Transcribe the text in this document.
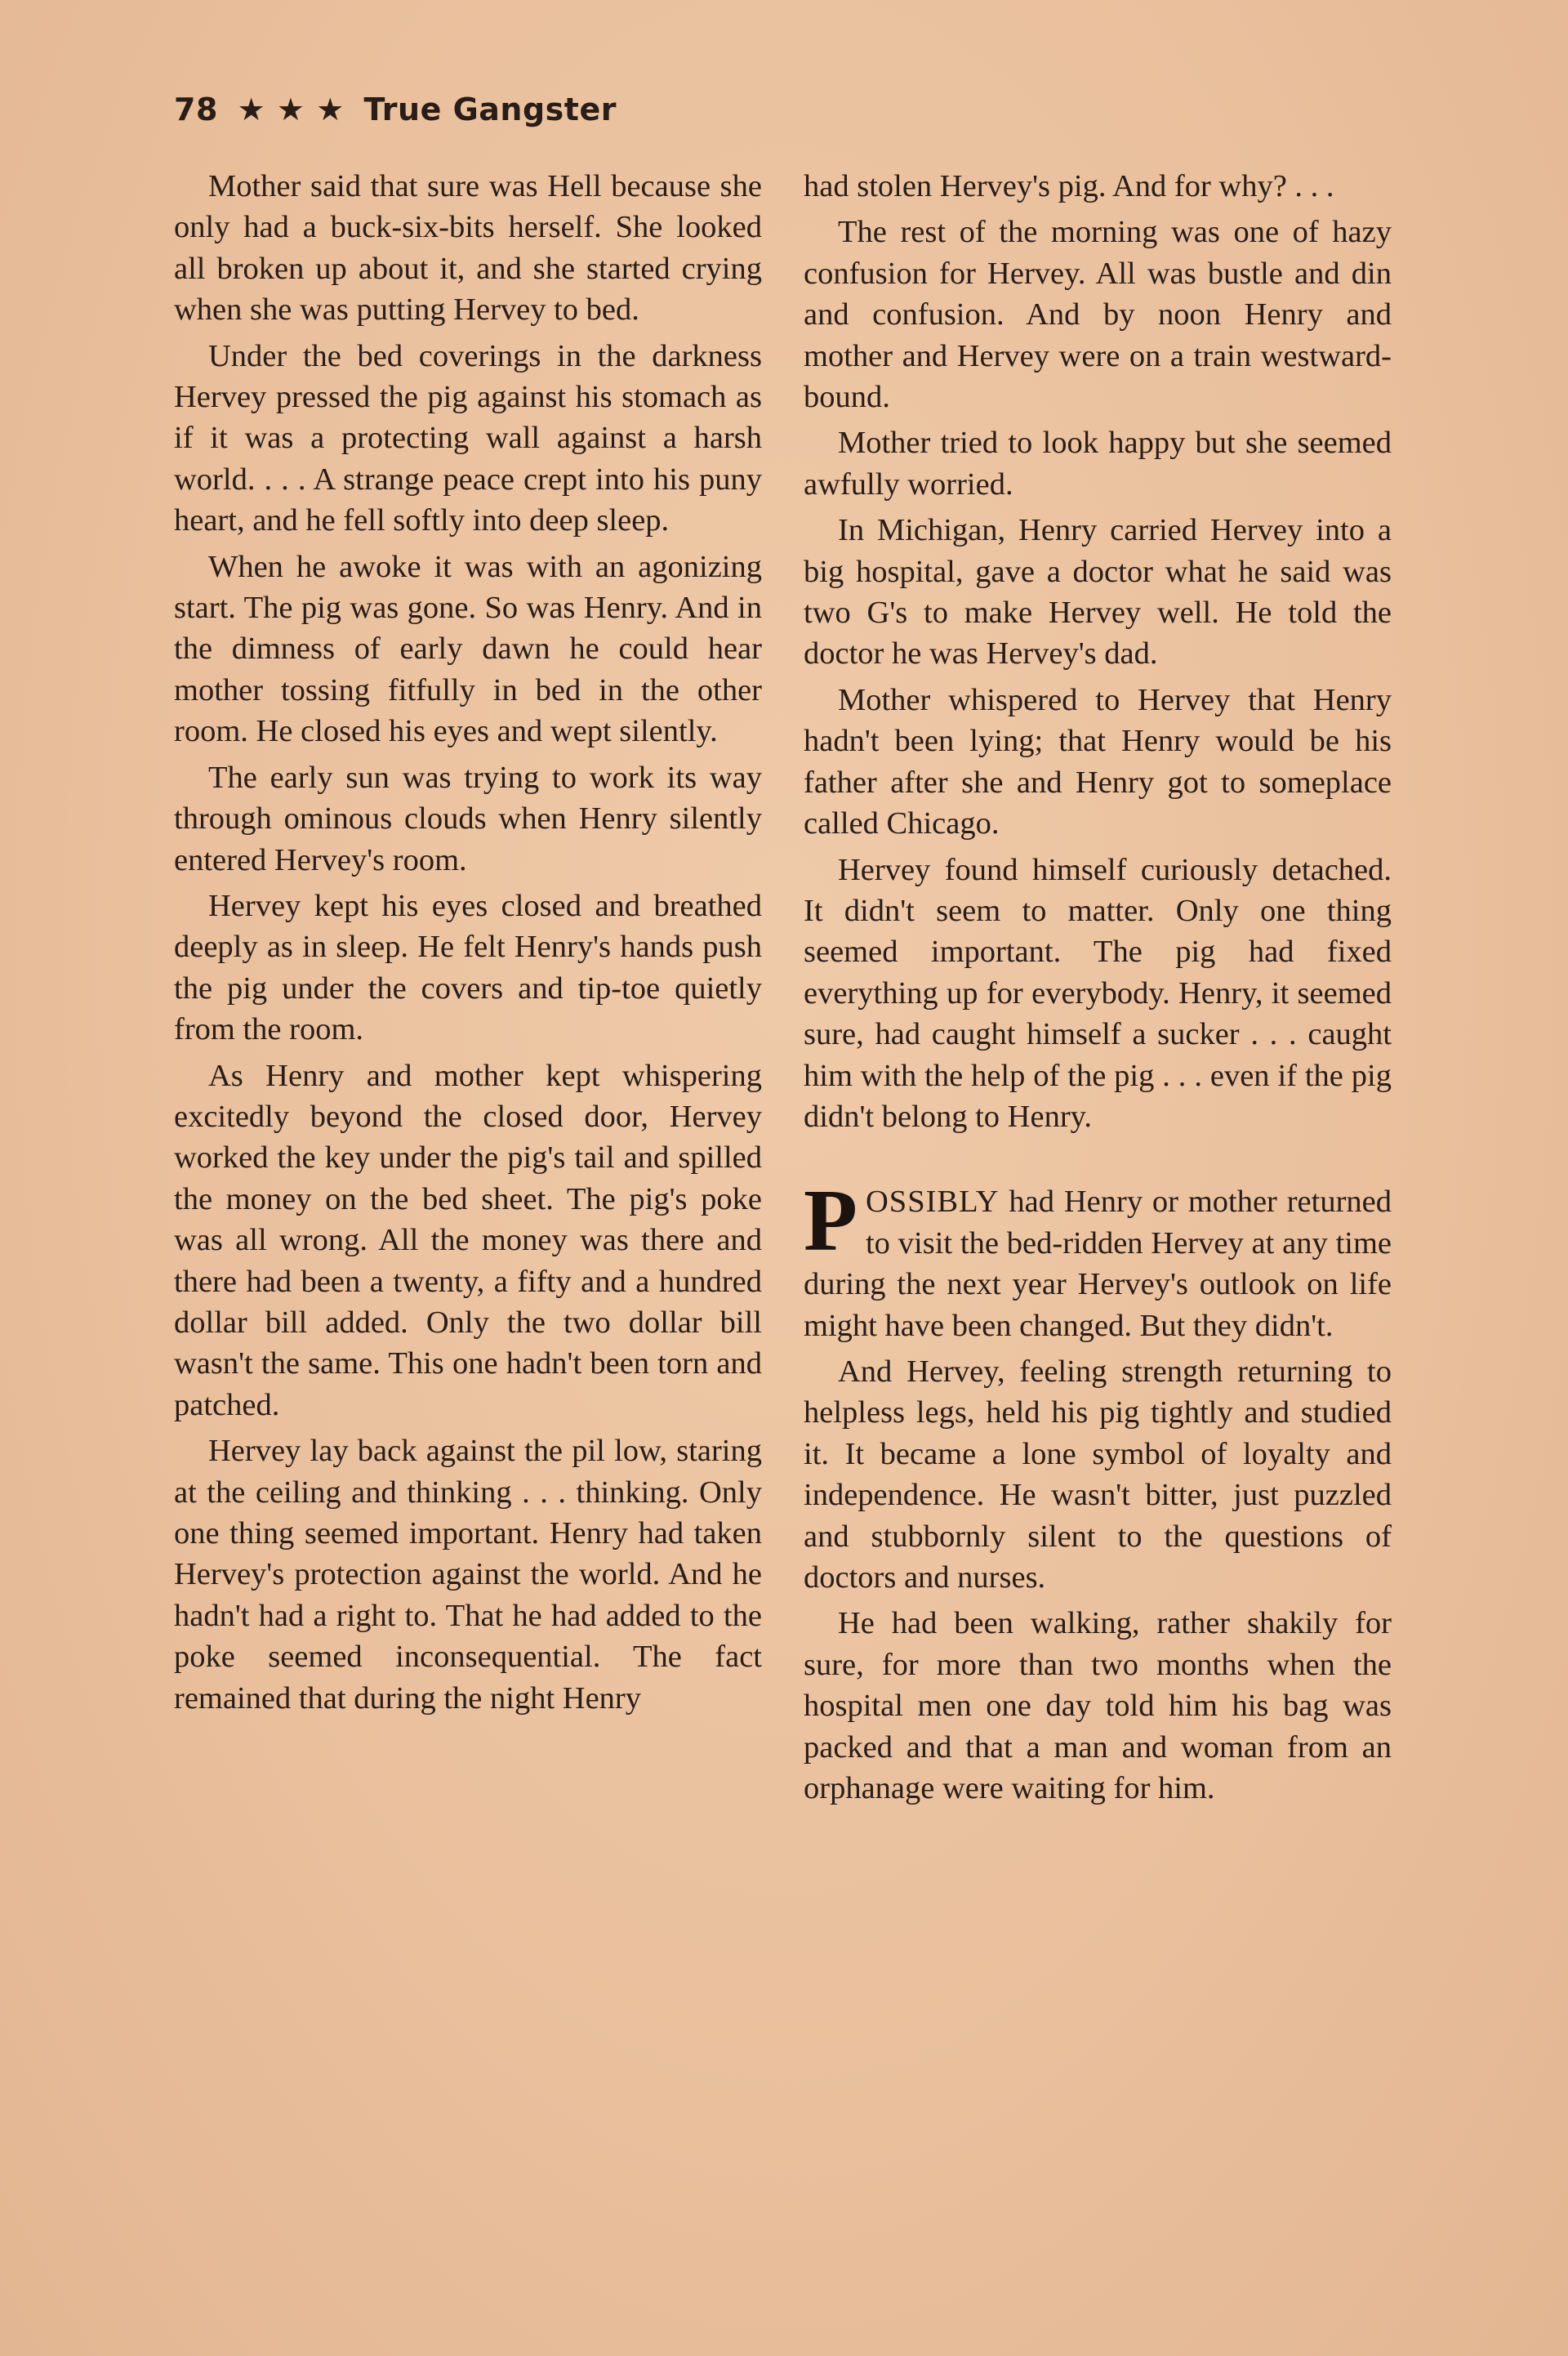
78 ★ ★ ★ True Gangster

Mother said that sure was Hell because she only had a buck-six-bits herself. She looked all broken up about it, and she started crying when she was putting Hervey to bed.

Under the bed coverings in the darkness Hervey pressed the pig against his stomach as if it was a protecting wall against a harsh world. . . . A strange peace crept into his puny heart, and he fell softly into deep sleep.

When he awoke it was with an agonizing start. The pig was gone. So was Henry. And in the dimness of early dawn he could hear mother tossing fitfully in bed in the other room. He closed his eyes and wept silently.

The early sun was trying to work its way through ominous clouds when Henry silently entered Hervey's room.

Hervey kept his eyes closed and breathed deeply as in sleep. He felt Henry's hands push the pig under the covers and tip-toe quietly from the room.

As Henry and mother kept whispering excitedly beyond the closed door, Hervey worked the key under the pig's tail and spilled the money on the bed sheet. The pig's poke was all wrong. All the money was there and there had been a twenty, a fifty and a hundred dollar bill added. Only the two dollar bill wasn't the same. This one hadn't been torn and patched.

Hervey lay back against the pil low, staring at the ceiling and thinking . . . thinking. Only one thing seemed important. Henry had taken Hervey's protection against the world. And he hadn't had a right to. That he had added to the poke seemed inconsequential. The fact remained that during the night Henry

had stolen Hervey's pig. And for why? . . .

The rest of the morning was one of hazy confusion for Hervey. All was bustle and din and confusion. And by noon Henry and mother and Hervey were on a train westward-bound.

Mother tried to look happy but she seemed awfully worried.

In Michigan, Henry carried Hervey into a big hospital, gave a doctor what he said was two G's to make Hervey well. He told the doctor he was Hervey's dad.

Mother whispered to Hervey that Henry hadn't been lying; that Henry would be his father after she and Henry got to someplace called Chicago.

Hervey found himself curiously detached. It didn't seem to matter. Only one thing seemed important. The pig had fixed everything up for everybody. Henry, it seemed sure, had caught himself a sucker . . . caught him with the help of the pig . . . even if the pig didn't belong to Henry.

POSSIBLY had Henry or mother returned to visit the bed-ridden Hervey at any time during the next year Hervey's outlook on life might have been changed. But they didn't.

And Hervey, feeling strength returning to helpless legs, held his pig tightly and studied it. It became a lone symbol of loyalty and independence. He wasn't bitter, just puzzled and stubbornly silent to the questions of doctors and nurses.

He had been walking, rather shakily for sure, for more than two months when the hospital men one day told him his bag was packed and that a man and woman from an orphanage were waiting for him.
